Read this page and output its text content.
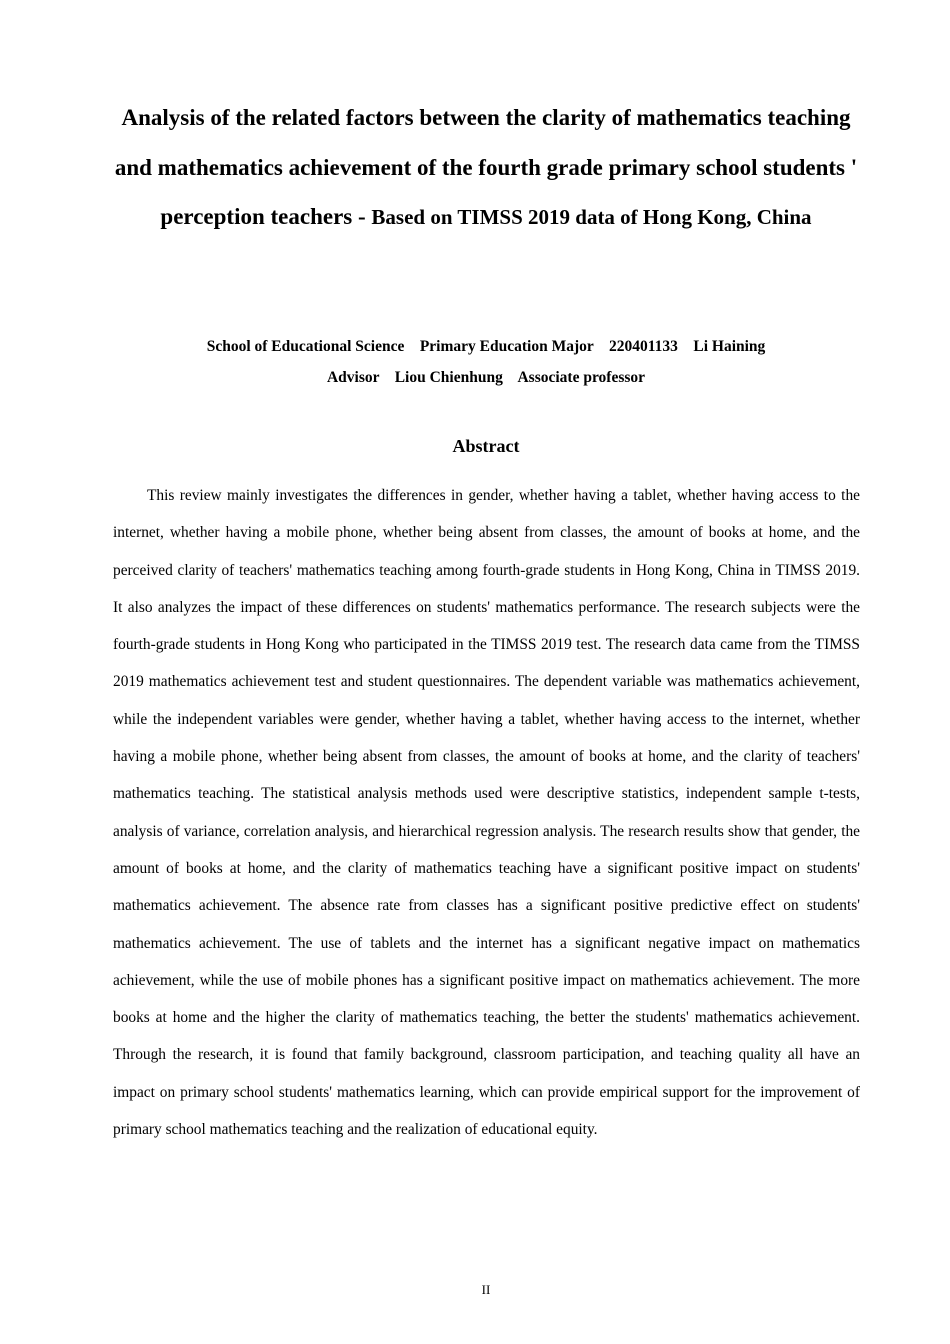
Analysis of the related factors between the clarity of mathematics teaching and mathematics achievement of the fourth grade primary school students ' perception teachers - Based on TIMSS 2019 data of Hong Kong, China

School of Educational Science    Primary Education Major    220401133    Li Haining

Advisor    Liou Chienhung    Associate professor

Abstract

This review mainly investigates the differences in gender, whether having a tablet, whether having access to the internet, whether having a mobile phone, whether being absent from classes, the amount of books at home, and the perceived clarity of teachers' mathematics teaching among fourth-grade students in Hong Kong, China in TIMSS 2019. It also analyzes the impact of these differences on students' mathematics performance. The research subjects were the fourth-grade students in Hong Kong who participated in the TIMSS 2019 test. The research data came from the TIMSS 2019 mathematics achievement test and student questionnaires. The dependent variable was mathematics achievement, while the independent variables were gender, whether having a tablet, whether having access to the internet, whether having a mobile phone, whether being absent from classes, the amount of books at home, and the clarity of teachers' mathematics teaching. The statistical analysis methods used were descriptive statistics, independent sample t-tests, analysis of variance, correlation analysis, and hierarchical regression analysis. The research results show that gender, the amount of books at home, and the clarity of mathematics teaching have a significant positive impact on students' mathematics achievement. The absence rate from classes has a significant positive predictive effect on students' mathematics achievement. The use of tablets and the internet has a significant negative impact on mathematics achievement, while the use of mobile phones has a significant positive impact on mathematics achievement. The more books at home and the higher the clarity of mathematics teaching, the better the students' mathematics achievement. Through the research, it is found that family background, classroom participation, and teaching quality all have an impact on primary school students' mathematics learning, which can provide empirical support for the improvement of primary school mathematics teaching and the realization of educational equity.

II
